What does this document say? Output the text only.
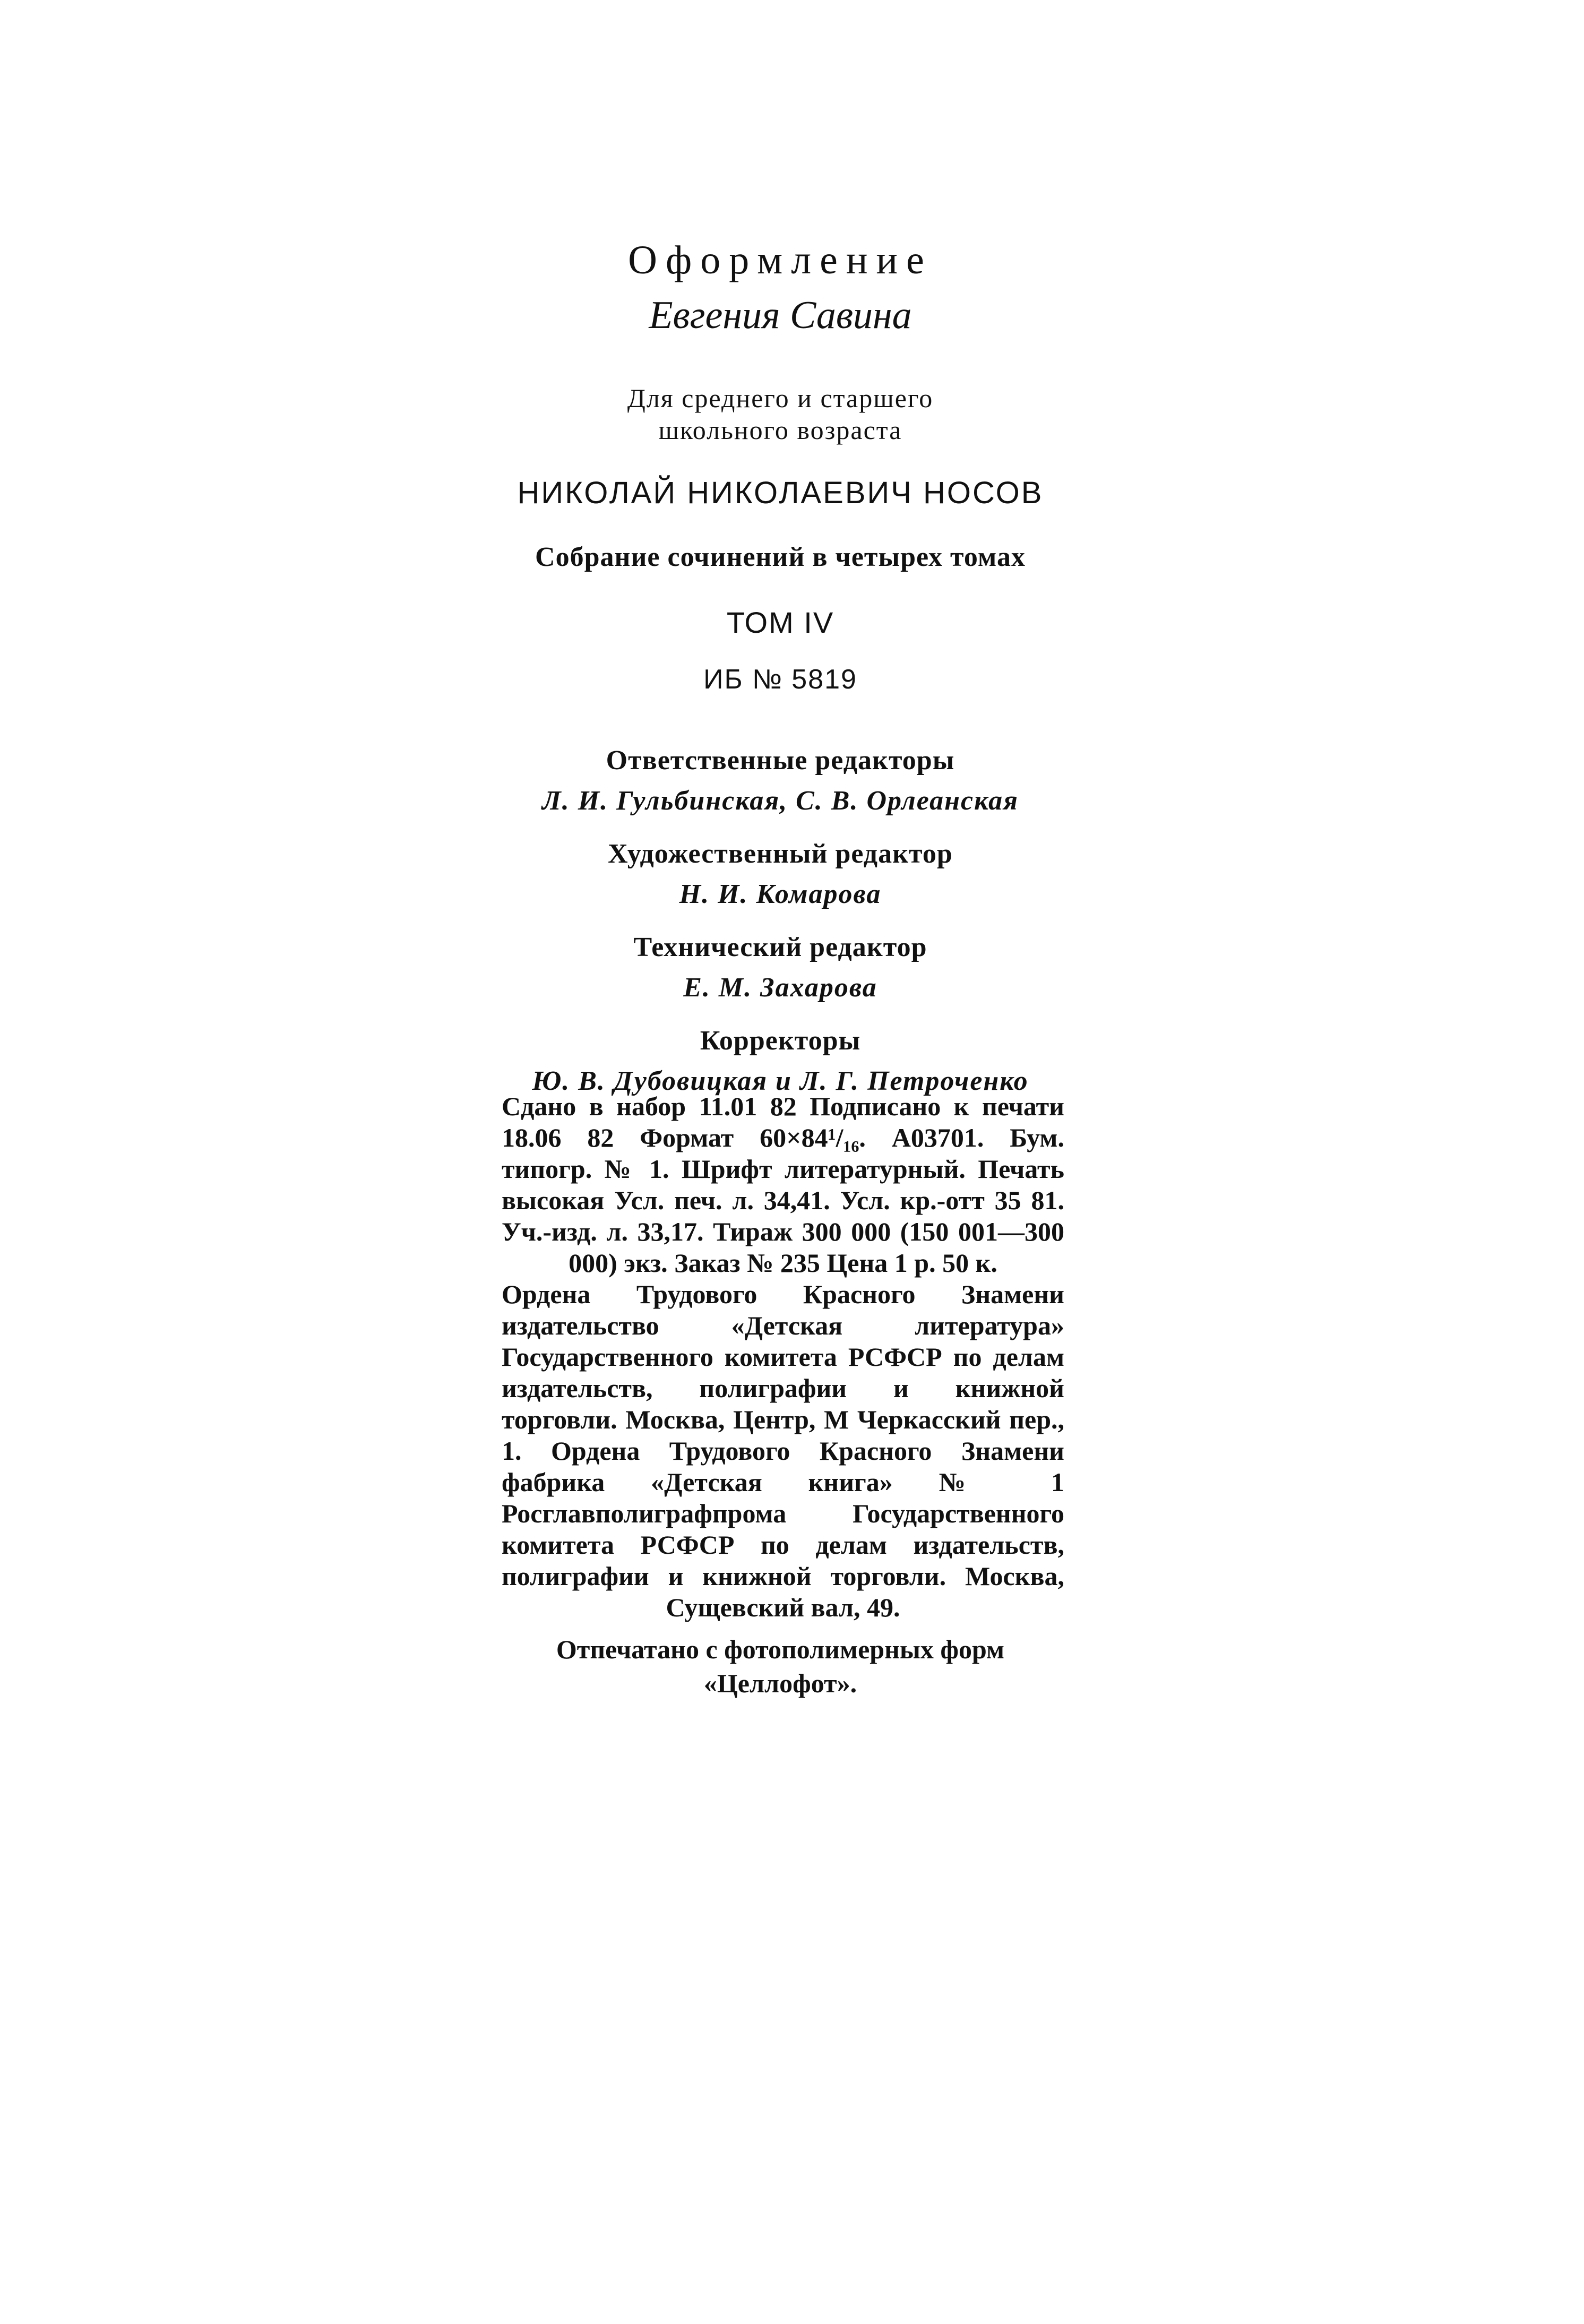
Оформление
Евгения Савина
Для среднего и старшего
школьного возраста
НИКОЛАЙ НИКОЛАЕВИЧ НОСОВ
Собрание сочинений в четырех томах
ТОМ IV
ИБ № 5819
Ответственные редакторы
Л. И. Гульбинская, С. В. Орлеанская
Художественный редактор
Н. И. Комарова
Технический редактор
Е. М. Захарова
Корректоры
Ю. В. Дубовицкая и Л. Г. Петроченко

Сдано в набор 11.01 82 Подписано к печати 18.06 82 Формат 60×84¹/₁₆. А03701. Бум. типогр. № 1. Шрифт литературный. Печать высокая Усл. печ. л. 34,41. Усл. кр.-отт 35 81. Уч.-изд. л. 33,17. Тираж 300 000 (150 001—300 000) экз. Заказ № 235 Цена 1 р. 50 к.

Ордена Трудового Красного Знамени издательство «Детская литература» Государственного комитета РСФСР по делам издательств, полиграфии и книжной торговли. Москва, Центр, М Черкасский пер., 1. Ордена Трудового Красного Знамени фабрика «Детская книга» № 1 Росглавполиграфпрома Государственного комитета РСФСР по делам издательств, полиграфии и книжной торговли. Москва, Сущевский вал, 49.

Отпечатано с фотополимерных форм
«Целлофот».
